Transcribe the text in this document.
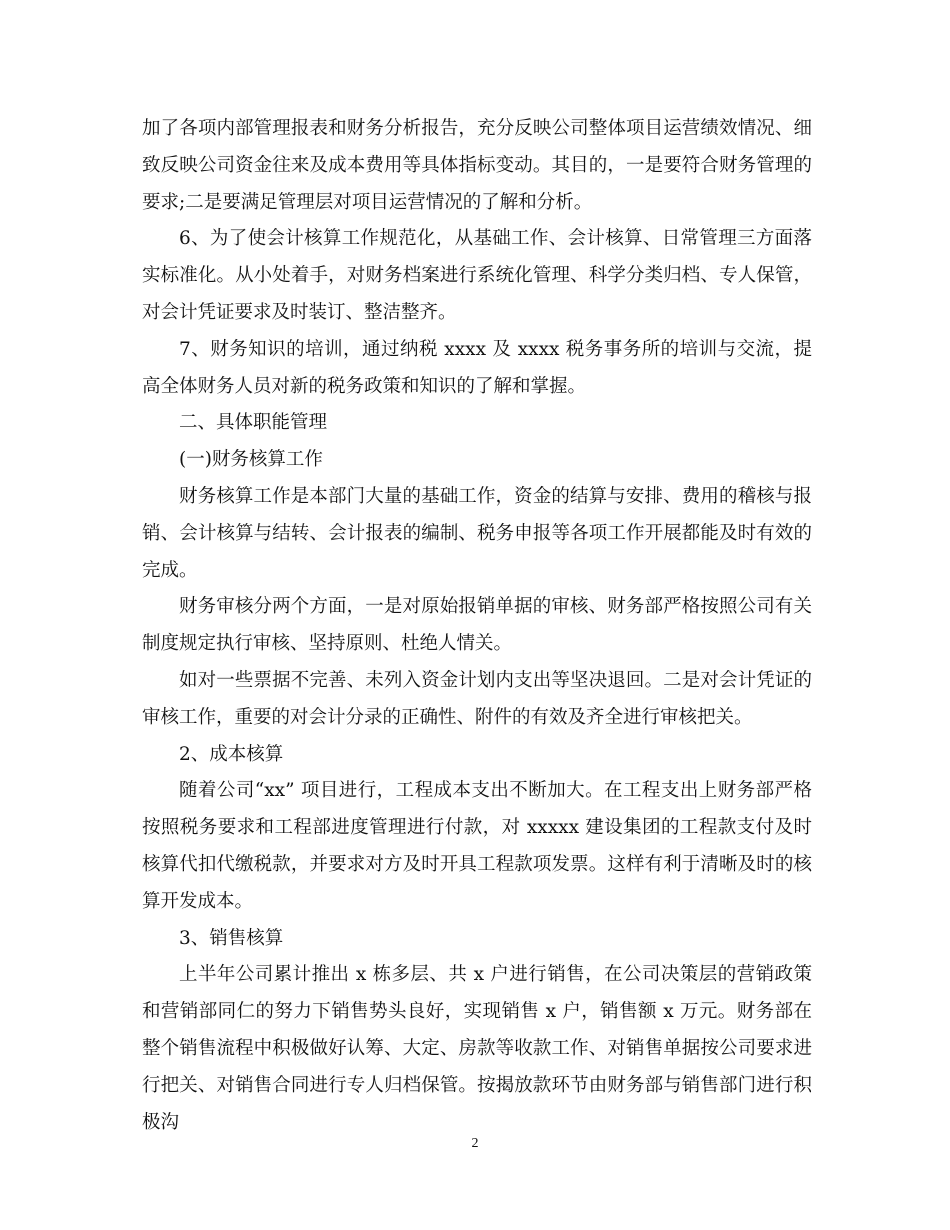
加了各项内部管理报表和财务分析报告，充分反映公司整体项目运营绩效情况、细致反映公司资金往来及成本费用等具体指标变动。其目的，一是要符合财务管理的要求;二是要满足管理层对项目运营情况的了解和分析。

6、为了使会计核算工作规范化，从基础工作、会计核算、日常管理三方面落实标准化。从小处着手，对财务档案进行系统化管理、科学分类归档、专人保管，对会计凭证要求及时装订、整洁整齐。

7、财务知识的培训，通过纳税 xxxx 及 xxxx 税务事务所的培训与交流，提高全体财务人员对新的税务政策和知识的了解和掌握。

二、具体职能管理

(一)财务核算工作

财务核算工作是本部门大量的基础工作，资金的结算与安排、费用的稽核与报销、会计核算与结转、会计报表的编制、税务申报等各项工作开展都能及时有效的完成。

财务审核分两个方面，一是对原始报销单据的审核、财务部严格按照公司有关制度规定执行审核、坚持原则、杜绝人情关。

如对一些票据不完善、未列入资金计划内支出等坚决退回。二是对会计凭证的审核工作，重要的对会计分录的正确性、附件的有效及齐全进行审核把关。

2、成本核算

随着公司“xx” 项目进行，工程成本支出不断加大。在工程支出上财务部严格按照税务要求和工程部进度管理进行付款，对 xxxxx 建设集团的工程款支付及时核算代扣代缴税款，并要求对方及时开具工程款项发票。这样有利于清晰及时的核算开发成本。

3、销售核算

上半年公司累计推出 x 栋多层、共 x 户进行销售，在公司决策层的营销政策和营销部同仁的努力下销售势头良好，实现销售 x 户，销售额 x 万元。财务部在整个销售流程中积极做好认筹、大定、房款等收款工作、对销售单据按公司要求进行把关、对销售合同进行专人归档保管。按揭放款环节由财务部与销售部门进行积极沟

2
